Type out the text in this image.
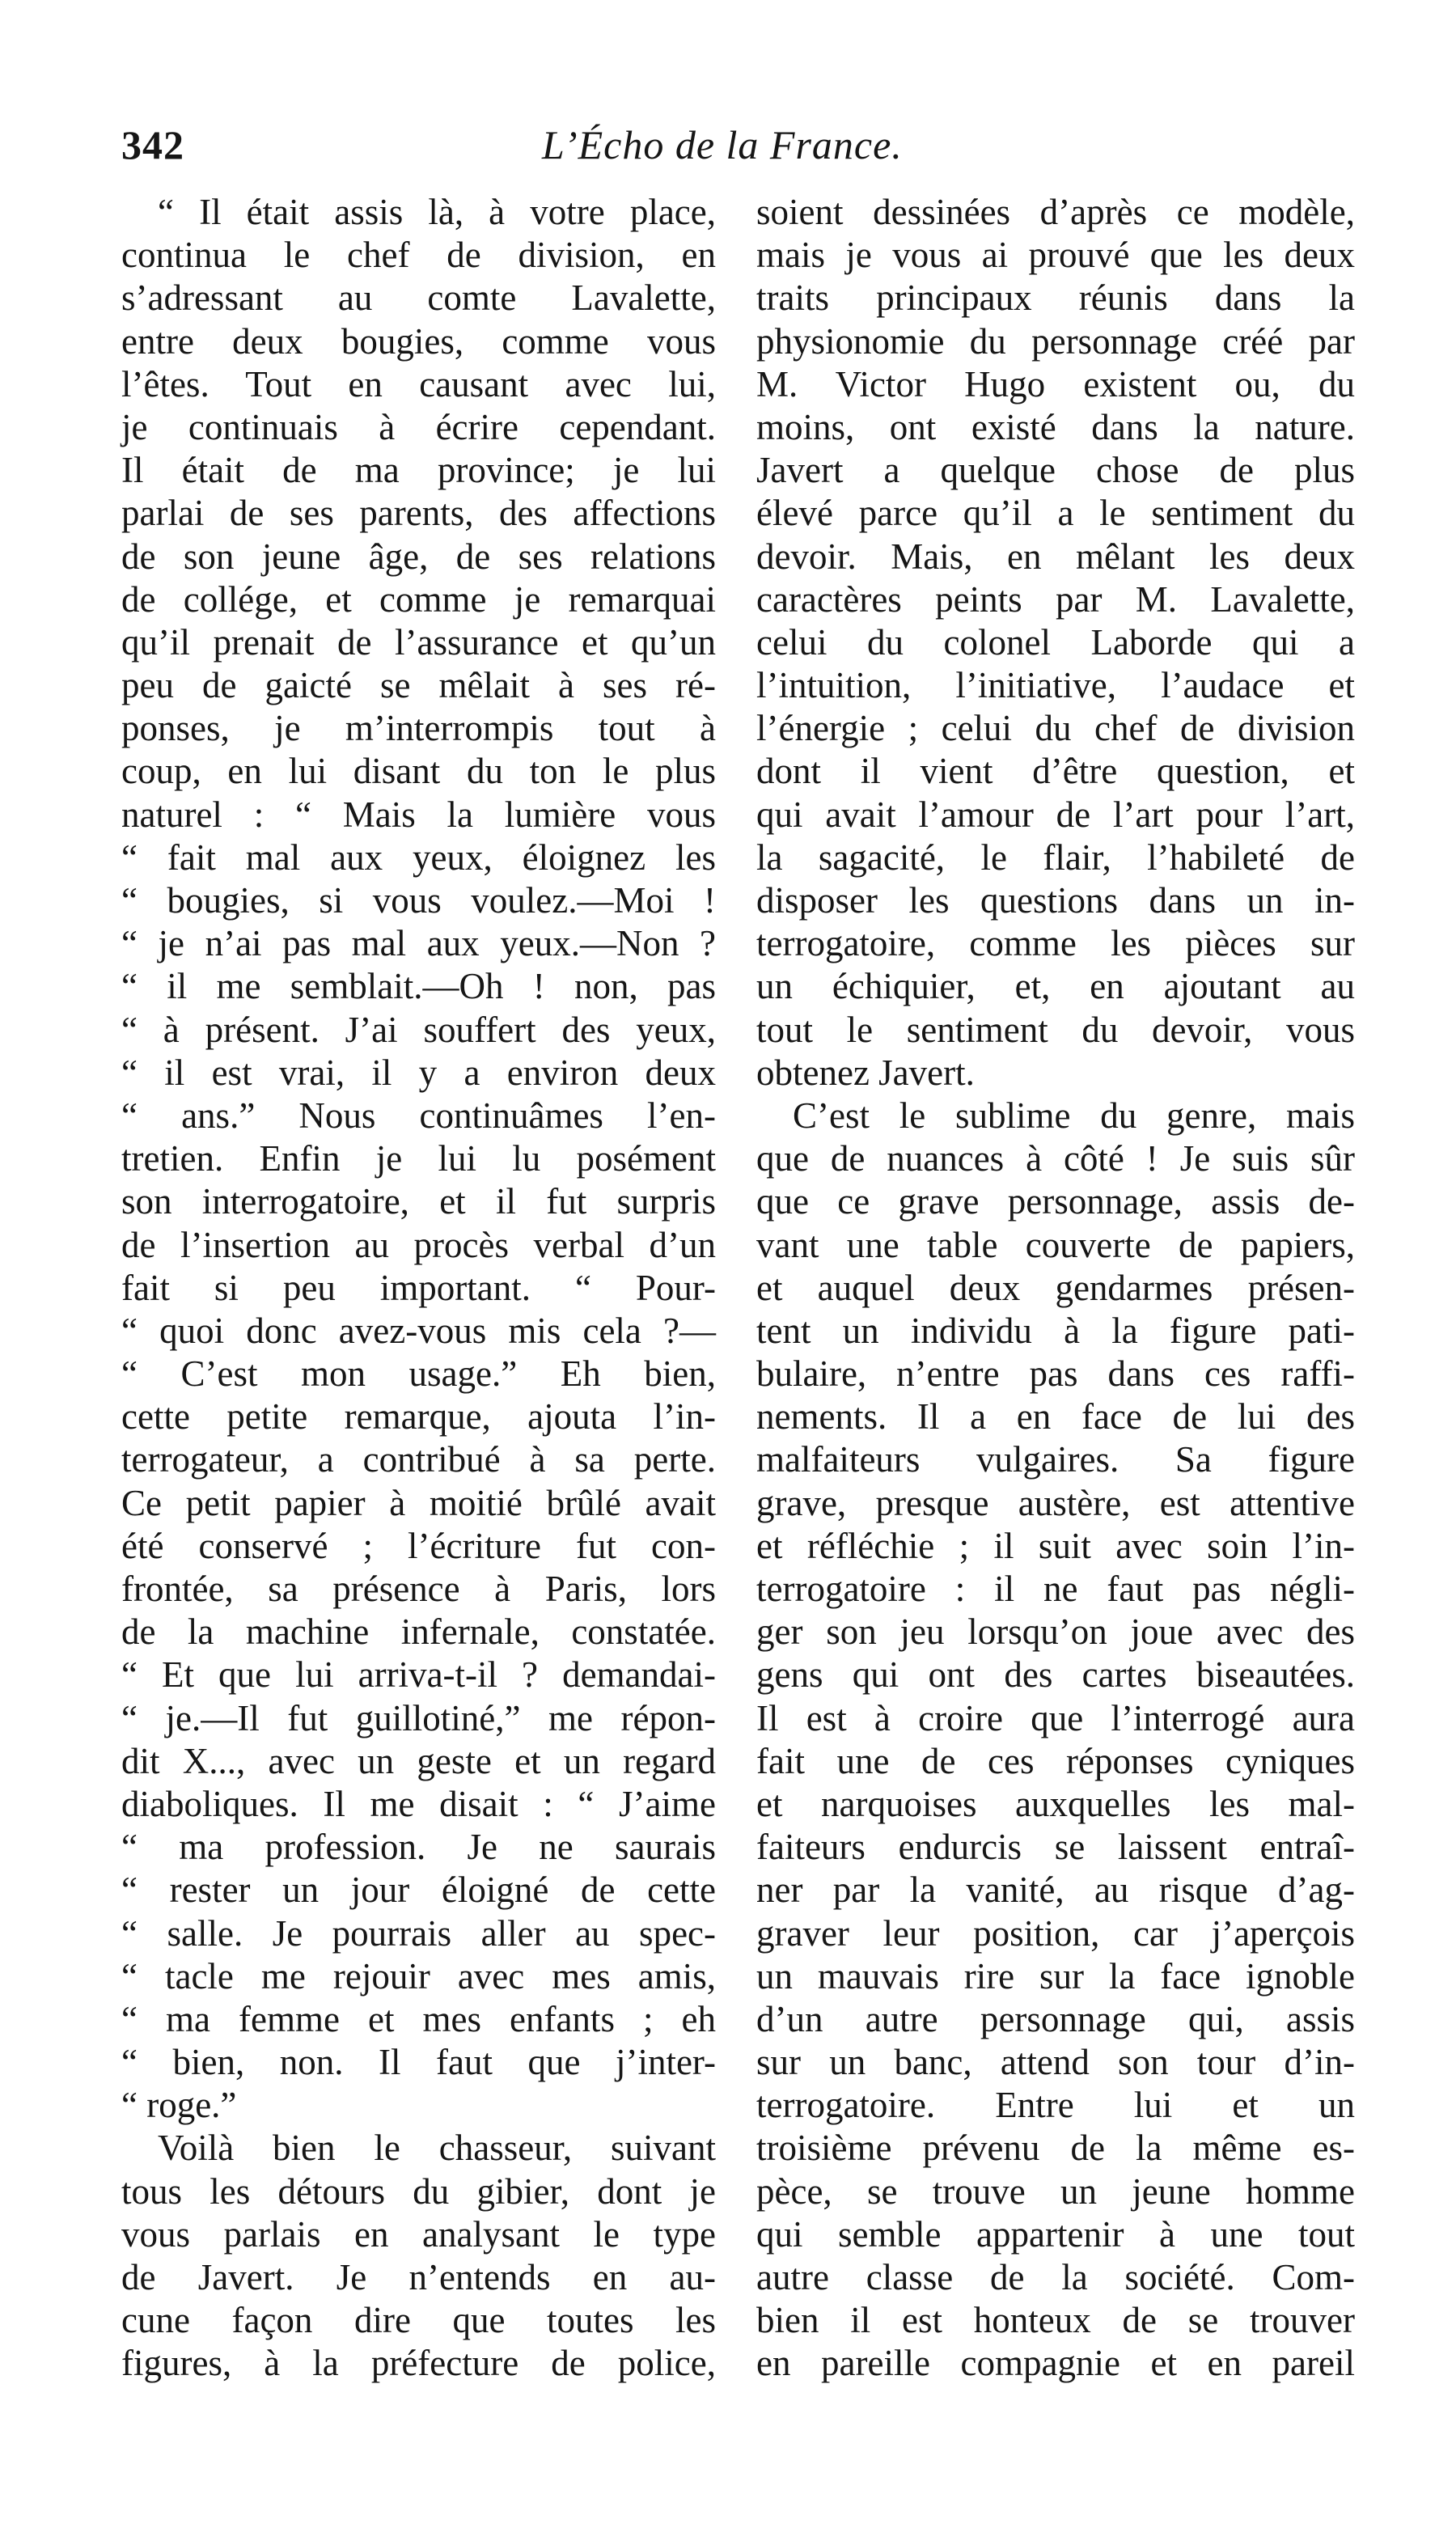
342	L’Écho de la France.
“ Il était assis là, à votre place,
continua le chef de division, en
s’adressant au comte Lavalette,
entre deux bougies, comme vous
l’êtes. Tout en causant avec lui,
je continuais à écrire cependant.
Il était de ma province; je lui
parlai de ses parents, des affections
de son jeune âge, de ses relations
de collége, et comme je remarquai
qu’il prenait de l’assurance et qu’un
peu de gaicté se mêlait à ses ré-
ponses, je m’interrompis tout à
coup, en lui disant du ton le plus
naturel : “ Mais la lumière vous
“ fait mal aux yeux, éloignez les
“ bougies, si vous voulez.—Moi !
“ je n’ai pas mal aux yeux.—Non ?
“ il me semblait.—Oh ! non, pas
“ à présent. J’ai souffert des yeux,
“ il est vrai, il y a environ deux
“ ans.” Nous continuâmes l’en-
tretien. Enfin je lui lu posément
son interrogatoire, et il fut surpris
de l’insertion au procès verbal d’un
fait si peu important. “ Pour-
“ quoi donc avez-vous mis cela ?—
“ C’est mon usage.” Eh bien,
cette petite remarque, ajouta l’in-
terrogateur, a contribué à sa perte.
Ce petit papier à moitié brûlé avait
été conservé ; l’écriture fut con-
frontée, sa présence à Paris, lors
de la machine infernale, constatée.
“ Et que lui arriva-t-il ? demandai-
“ je.—Il fut guillotiné,” me répon-
dit X..., avec un geste et un regard
diaboliques. Il me disait : “ J’aime
“ ma profession. Je ne saurais
“ rester un jour éloigné de cette
“ salle. Je pourrais aller au spec-
“ tacle me rejouir avec mes amis,
“ ma femme et mes enfants ; eh
“ bien, non. Il faut que j’inter-
“ roge.”
Voilà bien le chasseur, suivant
tous les détours du gibier, dont je
vous parlais en analysant le type
de Javert. Je n’entends en au-
cune façon dire que toutes les
figures, à la préfecture de police,
soient dessinées d’après ce modèle,
mais je vous ai prouvé que les deux
traits principaux réunis dans la
physionomie du personnage créé par
M. Victor Hugo existent ou, du
moins, ont existé dans la nature.
Javert a quelque chose de plus
élevé parce qu’il a le sentiment du
devoir. Mais, en mêlant les deux
caractères peints par M. Lavalette,
celui du colonel Laborde qui a
l’intuition, l’initiative, l’audace et
l’énergie ; celui du chef de division
dont il vient d’être question, et
qui avait l’amour de l’art pour l’art,
la sagacité, le flair, l’habileté de
disposer les questions dans un in-
terrogatoire, comme les pièces sur
un échiquier, et, en ajoutant au
tout le sentiment du devoir, vous
obtenez Javert.
C’est le sublime du genre, mais
que de nuances à côté ! Je suis sûr
que ce grave personnage, assis de-
vant une table couverte de papiers,
et auquel deux gendarmes présen-
tent un individu à la figure pati-
bulaire, n’entre pas dans ces raffi-
nements. Il a en face de lui des
malfaiteurs vulgaires. Sa figure
grave, presque austère, est attentive
et réfléchie ; il suit avec soin l’in-
terrogatoire : il ne faut pas négli-
ger son jeu lorsqu’on joue avec des
gens qui ont des cartes biseautées.
Il est à croire que l’interrogé aura
fait une de ces réponses cyniques
et narquoises auxquelles les mal-
faiteurs endurcis se laissent entraî-
ner par la vanité, au risque d’ag-
graver leur position, car j’aperçois
un mauvais rire sur la face ignoble
d’un autre personnage qui, assis
sur un banc, attend son tour d’in-
terrogatoire. Entre lui et un
troisième prévenu de la même es-
pèce, se trouve un jeune homme
qui semble appartenir à une tout
autre classe de la société. Com-
bien il est honteux de se trouver
en pareille compagnie et en pareil
